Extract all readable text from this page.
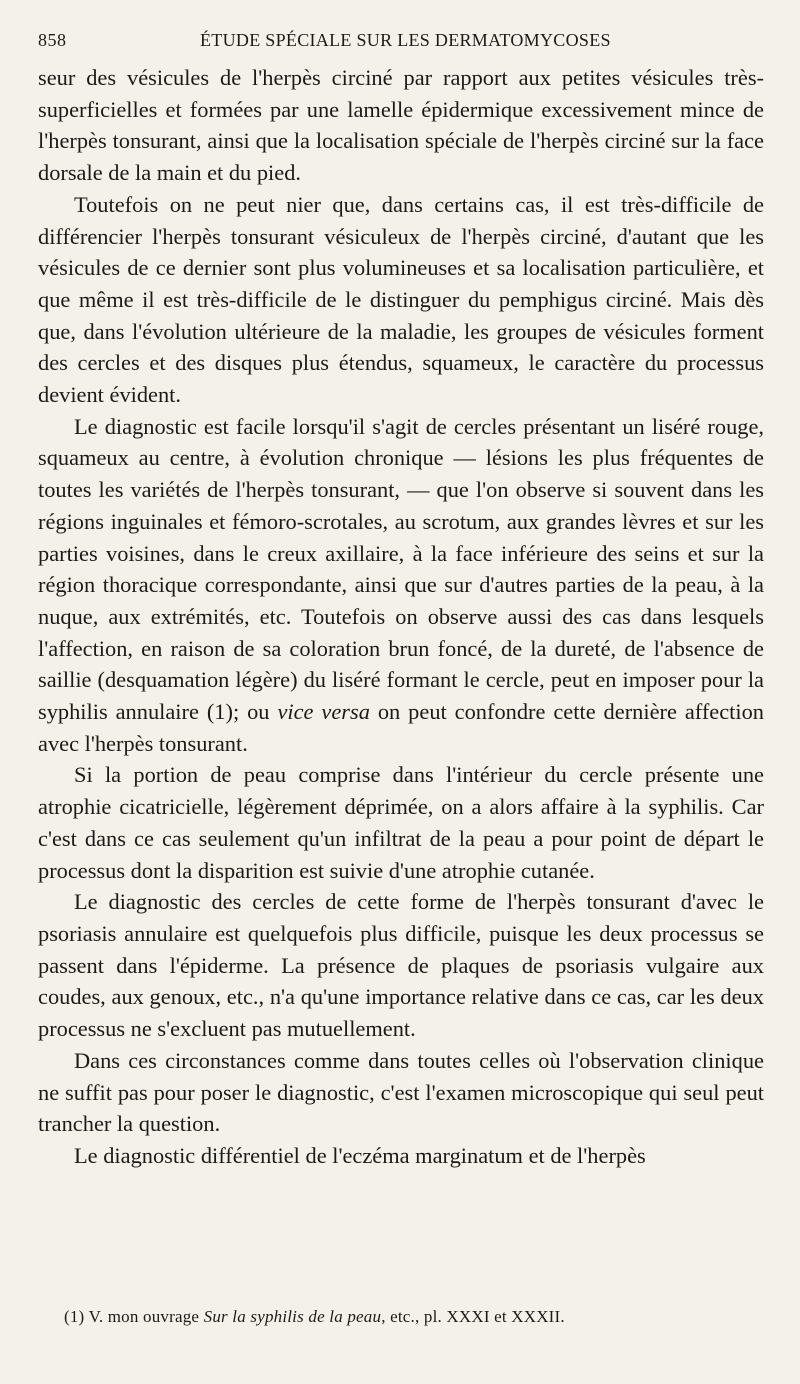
858	ÉTUDE SPÉCIALE SUR LES DERMATOMYCOSES

seur des vésicules de l'herpès circiné par rapport aux petites vésicules très-superficielles et formées par une lamelle épidermique excessivement mince de l'herpès tonsurant, ainsi que la localisation spéciale de l'herpès circiné sur la face dorsale de la main et du pied.

Toutefois on ne peut nier que, dans certains cas, il est très-difficile de différencier l'herpès tonsurant vésiculeux de l'herpès circiné, d'autant que les vésicules de ce dernier sont plus volumineuses et sa localisation particulière, et que même il est très-difficile de le distinguer du pemphigus circiné. Mais dès que, dans l'évolution ultérieure de la maladie, les groupes de vésicules forment des cercles et des disques plus étendus, squameux, le caractère du processus devient évident.

Le diagnostic est facile lorsqu'il s'agit de cercles présentant un liséré rouge, squameux au centre, à évolution chronique — lésions les plus fréquentes de toutes les variétés de l'herpès tonsurant, — que l'on observe si souvent dans les régions inguinales et fémoro-scrotales, au scrotum, aux grandes lèvres et sur les parties voisines, dans le creux axillaire, à la face inférieure des seins et sur la région thoracique correspondante, ainsi que sur d'autres parties de la peau, à la nuque, aux extrémités, etc. Toutefois on observe aussi des cas dans lesquels l'affection, en raison de sa coloration brun foncé, de la dureté, de l'absence de saillie (desquamation légère) du liséré formant le cercle, peut en imposer pour la syphilis annulaire (1); ou vice versa on peut confondre cette dernière affection avec l'herpès tonsurant.

Si la portion de peau comprise dans l'intérieur du cercle présente une atrophie cicatricielle, légèrement déprimée, on a alors affaire à la syphilis. Car c'est dans ce cas seulement qu'un infiltrat de la peau a pour point de départ le processus dont la disparition est suivie d'une atrophie cutanée.

Le diagnostic des cercles de cette forme de l'herpès tonsurant d'avec le psoriasis annulaire est quelquefois plus difficile, puisque les deux processus se passent dans l'épiderme. La présence de plaques de psoriasis vulgaire aux coudes, aux genoux, etc., n'a qu'une importance relative dans ce cas, car les deux processus ne s'excluent pas mutuellement.

Dans ces circonstances comme dans toutes celles où l'observation clinique ne suffit pas pour poser le diagnostic, c'est l'examen microscopique qui seul peut trancher la question.

Le diagnostic différentiel de l'eczéma marginatum et de l'herpès

(1) V. mon ouvrage Sur la syphilis de la peau, etc., pl. XXXI et XXXII.
